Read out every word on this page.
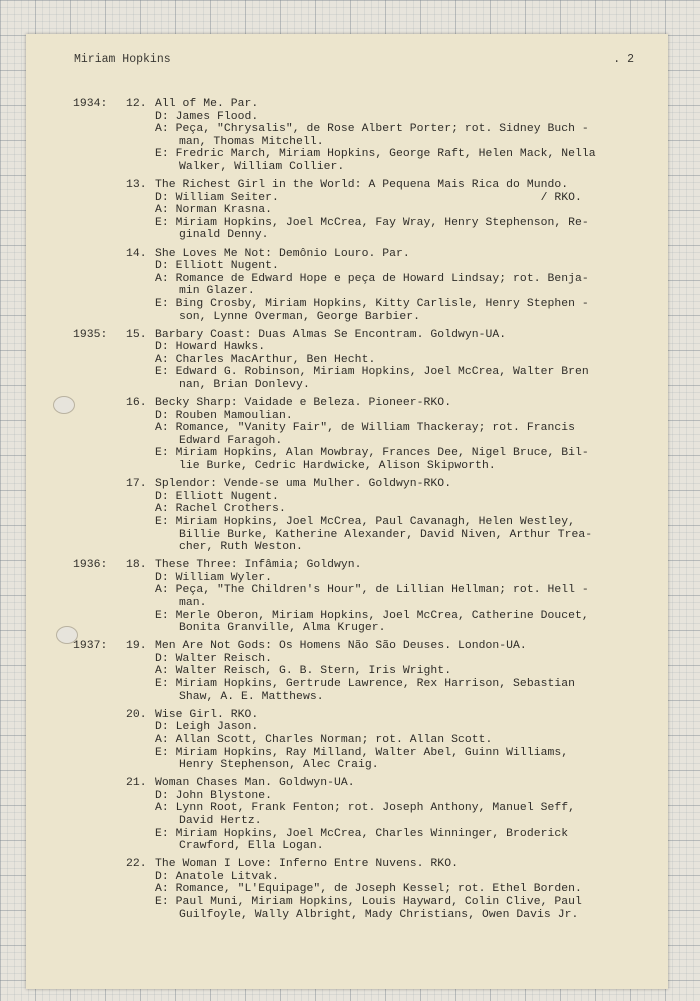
Miriam Hopkins	. 2
1934:	12. All of Me. Par.
D: James Flood.
A: Peça, "Chrysalis", de Rose Albert Porter; rot. Sidney Buch -
man, Thomas Mitchell.
E: Fredric March, Miriam Hopkins, George Raft, Helen Mack, Nella
Walker, William Collier.
13. The Richest Girl in the World: A Pequena Mais Rica do Mundo.
D: William Seiter.                                      / RKO.
A: Norman Krasna.
E: Miriam Hopkins, Joel McCrea, Fay Wray, Henry Stephenson, Re-
ginald Denny.
14. She Loves Me Not: Demônio Louro. Par.
D: Elliott Nugent.
A: Romance de Edward Hope e peça de Howard Lindsay; rot. Benja-
min Glazer.
E: Bing Crosby, Miriam Hopkins, Kitty Carlisle, Henry Stephen -
son, Lynne Overman, George Barbier.
1935:	15. Barbary Coast: Duas Almas Se Encontram. Goldwyn-UA.
D: Howard Hawks.
A: Charles MacArthur, Ben Hecht.
E: Edward G. Robinson, Miriam Hopkins, Joel McCrea, Walter Bren
nan, Brian Donlevy.
16. Becky Sharp: Vaidade e Beleza. Pioneer-RKO.
D: Rouben Mamoulian.
A: Romance, "Vanity Fair", de William Thackeray; rot. Francis
Edward Faragoh.
E: Miriam Hopkins, Alan Mowbray, Frances Dee, Nigel Bruce, Bil-
lie Burke, Cedric Hardwicke, Alison Skipworth.
17. Splendor: Vende-se uma Mulher. Goldwyn-RKO.
D: Elliott Nugent.
A: Rachel Crothers.
E: Miriam Hopkins, Joel McCrea, Paul Cavanagh, Helen Westley,
Billie Burke, Katherine Alexander, David Niven, Arthur Trea-
cher, Ruth Weston.
1936:	18. These Three: Infâmia; Goldwyn.
D: William Wyler.
A: Peça, "The Children's Hour", de Lillian Hellman; rot. Hell -
man.
E: Merle Oberon, Miriam Hopkins, Joel McCrea, Catherine Doucet,
Bonita Granville, Alma Kruger.
1937:	19. Men Are Not Gods: Os Homens Não São Deuses. London-UA.
D: Walter Reisch.
A: Walter Reisch, G. B. Stern, Iris Wright.
E: Miriam Hopkins, Gertrude Lawrence, Rex Harrison, Sebastian
Shaw, A. E. Matthews.
20. Wise Girl. RKO.
D: Leigh Jason.
A: Allan Scott, Charles Norman; rot. Allan Scott.
E: Miriam Hopkins, Ray Milland, Walter Abel, Guinn Williams,
Henry Stephenson, Alec Craig.
21. Woman Chases Man. Goldwyn-UA.
D: John Blystone.
A: Lynn Root, Frank Fenton; rot. Joseph Anthony, Manuel Seff,
David Hertz.
E: Miriam Hopkins, Joel McCrea, Charles Winninger, Broderick
Crawford, Ella Logan.
22. The Woman I Love: Inferno Entre Nuvens. RKO.
D: Anatole Litvak.
A: Romance, "L'Equipage", de Joseph Kessel; rot. Ethel Borden.
E: Paul Muni, Miriam Hopkins, Louis Hayward, Colin Clive, Paul
Guilfoyle, Wally Albright, Mady Christians, Owen Davis Jr.
